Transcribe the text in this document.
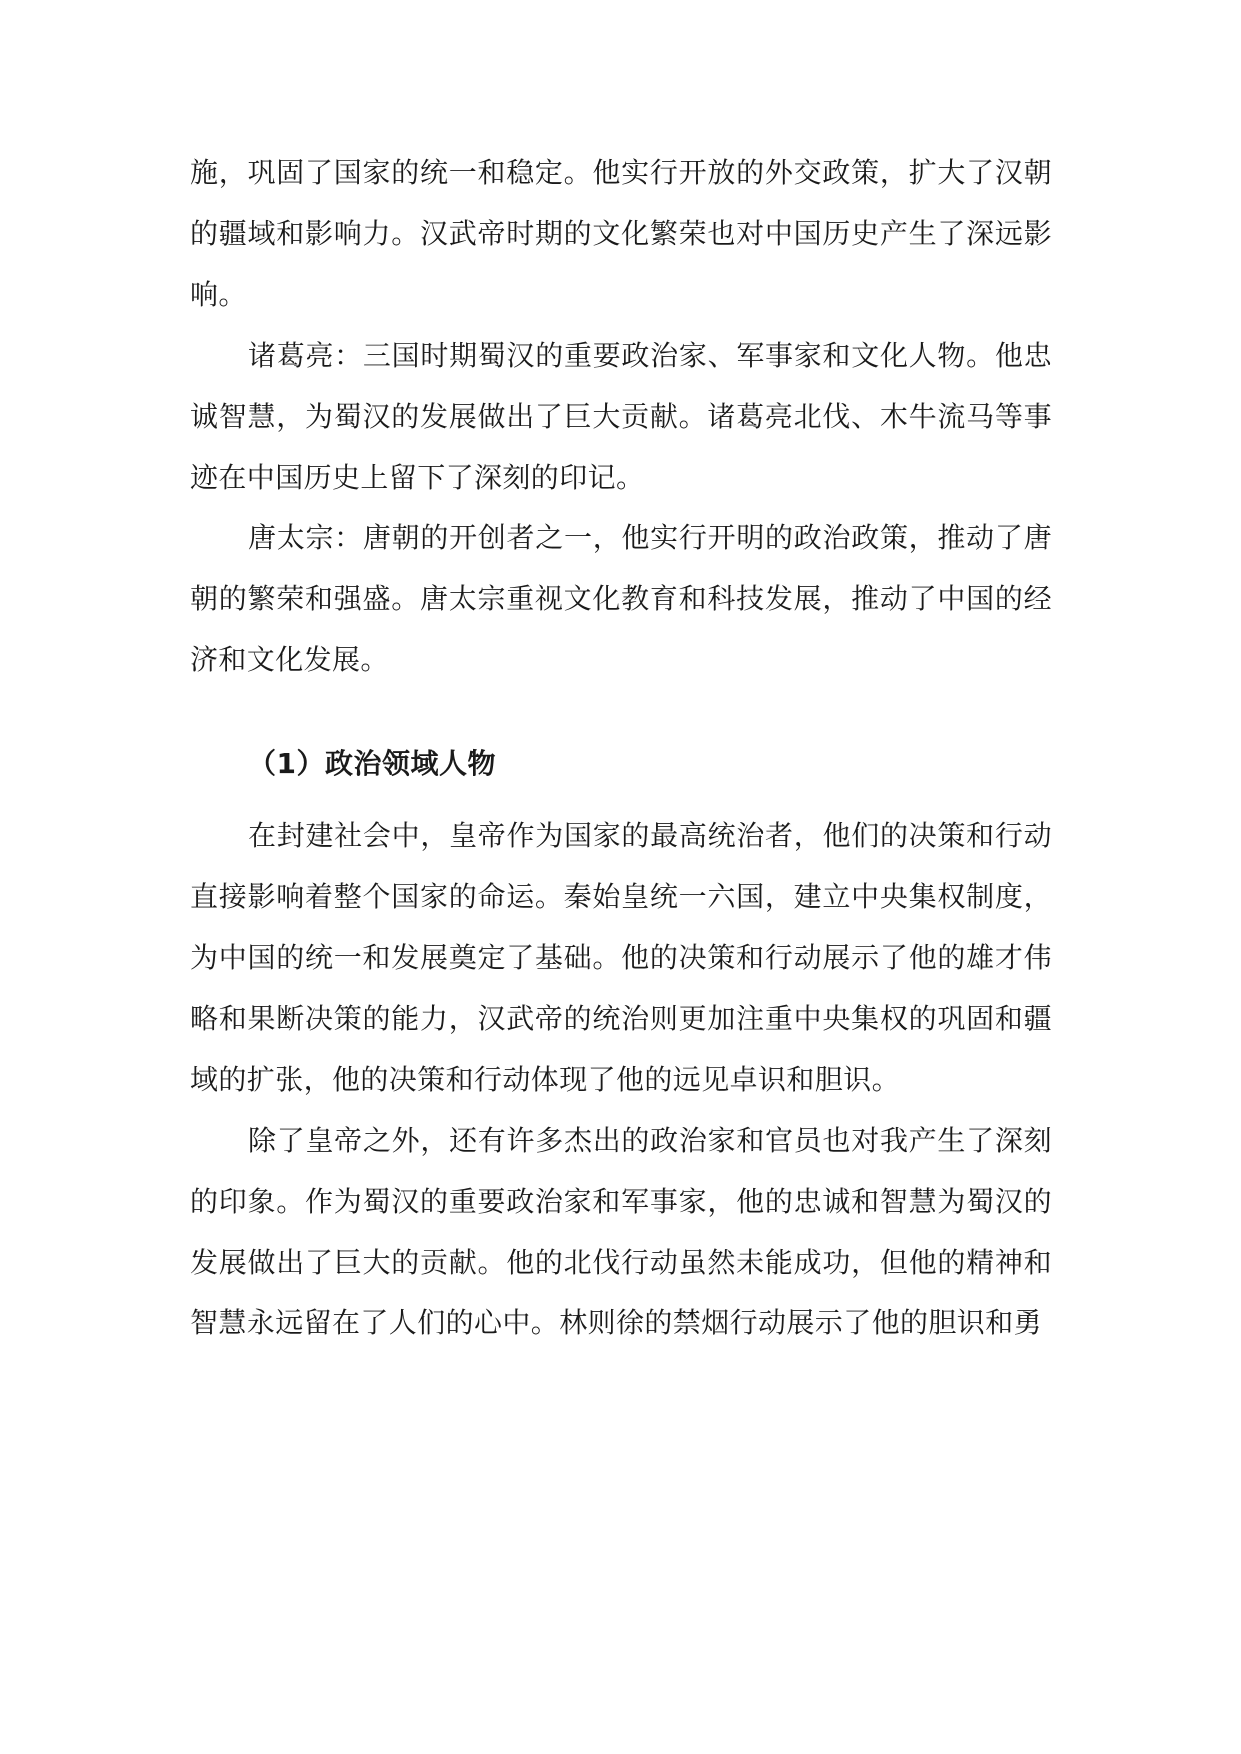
施，巩固了国家的统一和稳定。他实行开放的外交政策，扩大了汉朝的疆域和影响力。汉武帝时期的文化繁荣也对中国历史产生了深远影响。

诸葛亮：三国时期蜀汉的重要政治家、军事家和文化人物。他忠诚智慧，为蜀汉的发展做出了巨大贡献。诸葛亮北伐、木牛流马等事迹在中国历史上留下了深刻的印记。

唐太宗：唐朝的开创者之一，他实行开明的政治政策，推动了唐朝的繁荣和强盛。唐太宗重视文化教育和科技发展，推动了中国的经济和文化发展。

（1）政治领域人物

在封建社会中，皇帝作为国家的最高统治者，他们的决策和行动直接影响着整个国家的命运。秦始皇统一六国，建立中央集权制度，为中国的统一和发展奠定了基础。他的决策和行动展示了他的雄才伟略和果断决策的能力，汉武帝的统治则更加注重中央集权的巩固和疆域的扩张，他的决策和行动体现了他的远见卓识和胆识。

除了皇帝之外，还有许多杰出的政治家和官员也对我产生了深刻的印象。作为蜀汉的重要政治家和军事家，他的忠诚和智慧为蜀汉的发展做出了巨大的贡献。他的北伐行动虽然未能成功，但他的精神和智慧永远留在了人们的心中。林则徐的禁烟行动展示了他的胆识和勇
